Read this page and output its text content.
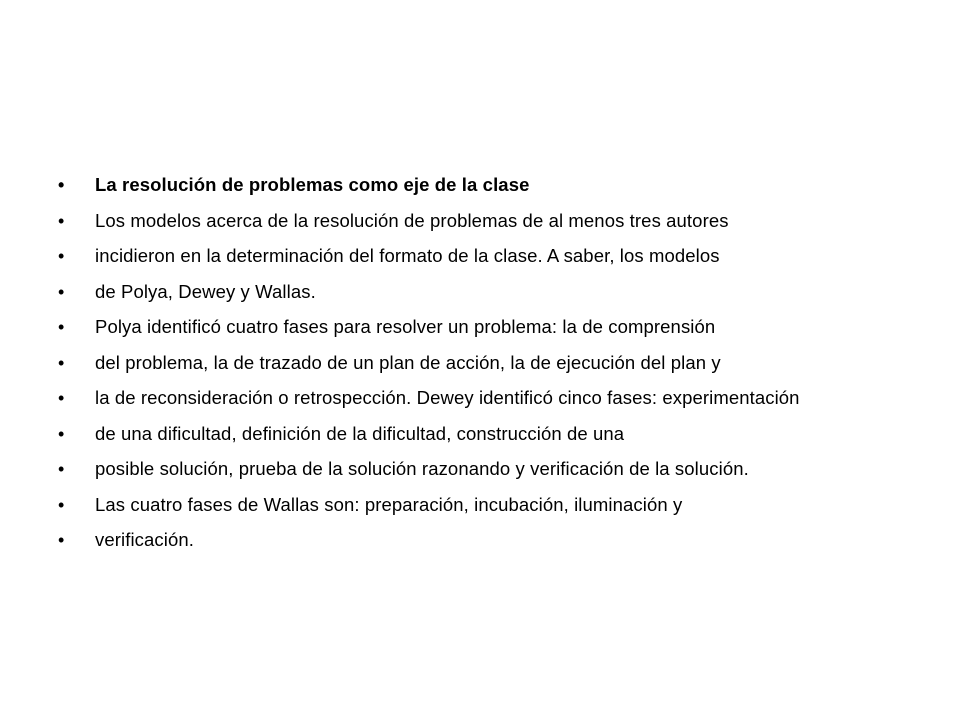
• La resolución de problemas como eje de la clase
• Los modelos acerca de la resolución de problemas de al menos tres autores
• incidieron en la determinación del formato de la clase. A saber, los modelos
• de Polya, Dewey y Wallas.
• Polya identificó cuatro fases para resolver un problema: la de comprensión
• del problema, la de trazado de un plan de acción, la de ejecución del plan y
• la de reconsideración o retrospección. Dewey identificó cinco fases: experimentación
• de una dificultad, definición de la dificultad, construcción de una
• posible solución, prueba de la solución razonando y verificación de la solución.
• Las cuatro fases de Wallas son: preparación, incubación, iluminación y
• verificación.
